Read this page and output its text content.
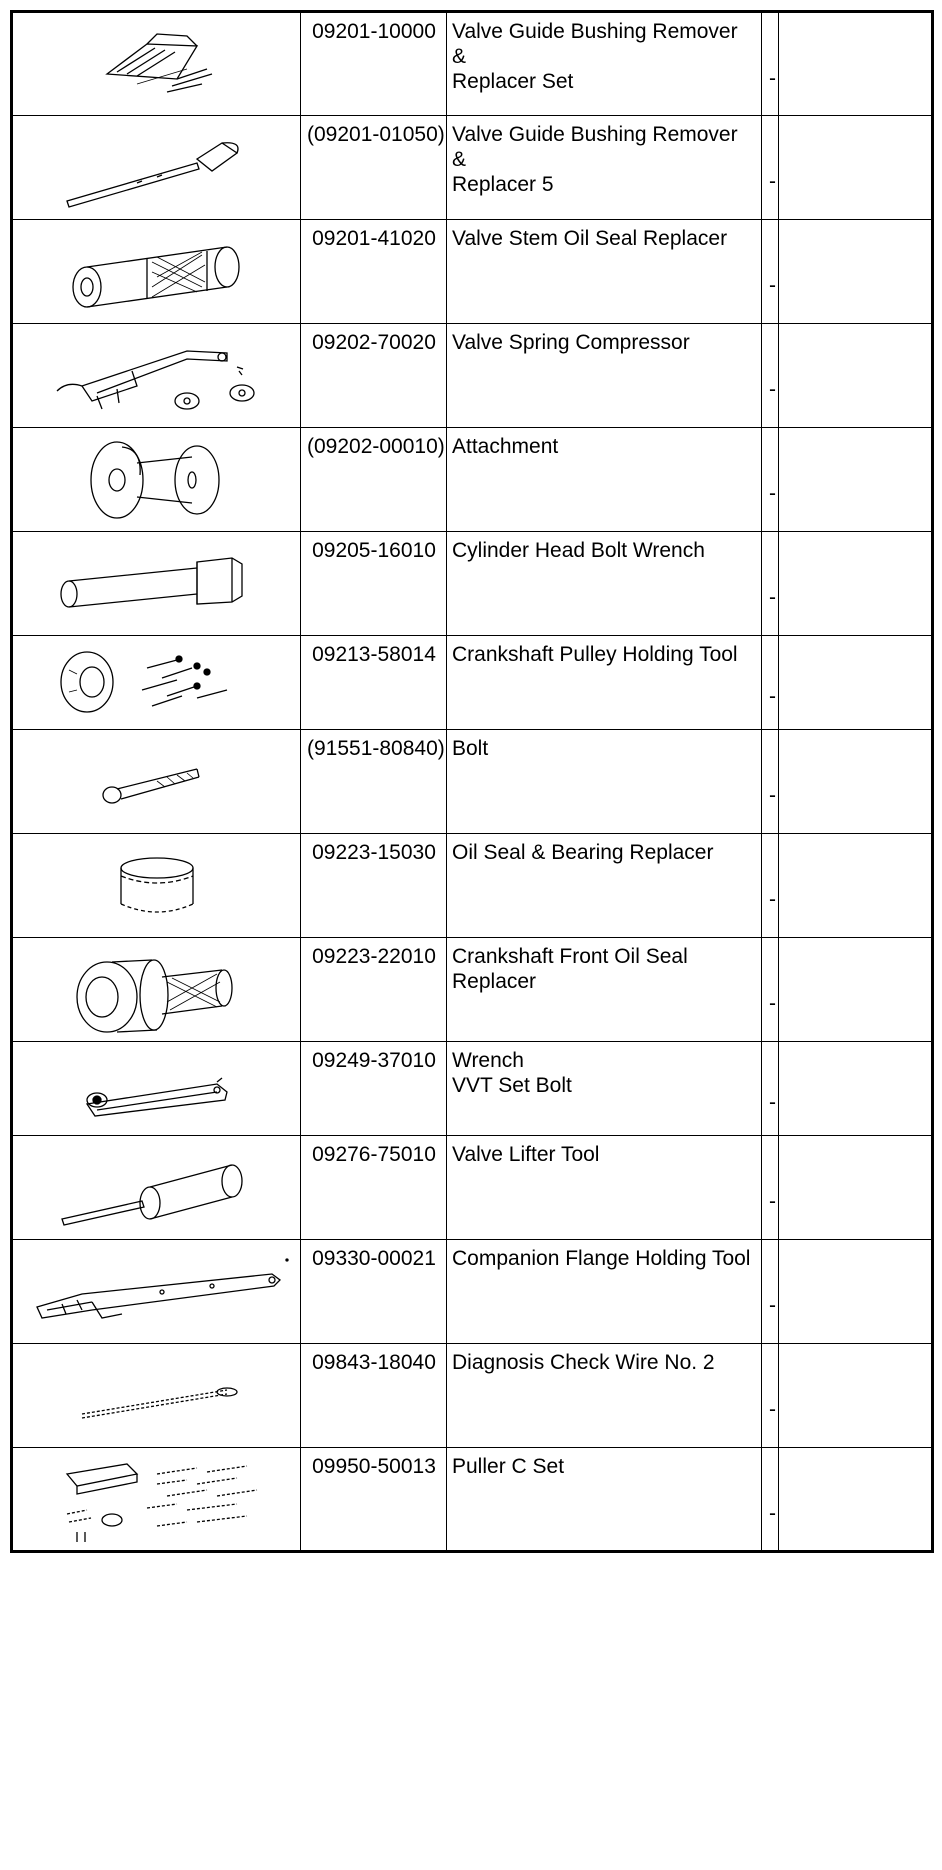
	09201-10000	Valve Guide Bushing Remover &
Replacer Set	-	

	(09201-01050)	Valve Guide Bushing Remover &
Replacer 5	-	

	09201-41020	Valve Stem Oil Seal Replacer	-	

	09202-70020	Valve Spring Compressor	-	

	(09202-00010)	Attachment	-	

	09205-16010	Cylinder Head Bolt Wrench	-	

	09213-58014	Crankshaft Pulley Holding Tool	-	

	(91551-80840)	Bolt	-	

	09223-15030	Oil Seal & Bearing Replacer	-	

	09223-22010	Crankshaft Front Oil Seal
Replacer	-	

	09249-37010	Wrench
VVT Set Bolt	-	

	09276-75010	Valve Lifter Tool	-	

	09330-00021	Companion Flange Holding Tool	-	

	09843-18040	Diagnosis Check Wire No. 2	-	

	09950-50013	Puller C Set	-	
